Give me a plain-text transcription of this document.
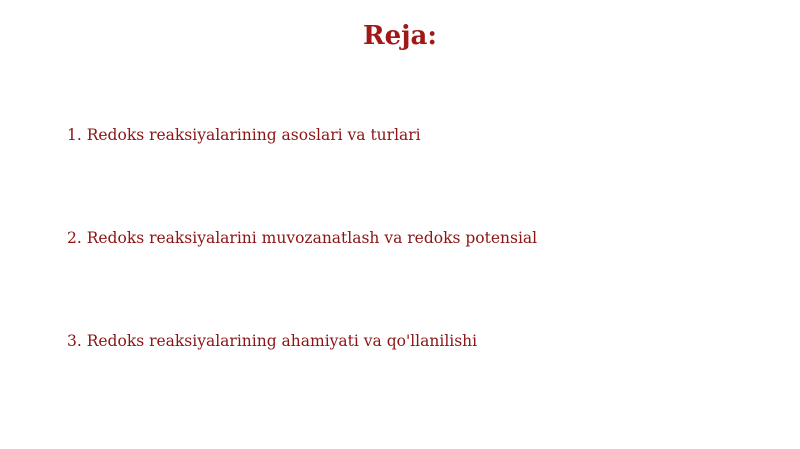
Reja:

1. Redoks reaksiyalarining asoslari va turlari

2. Redoks reaksiyalarini muvozanatlash va redoks potensial

3. Redoks reaksiyalarining ahamiyati va qo'llanilishi
